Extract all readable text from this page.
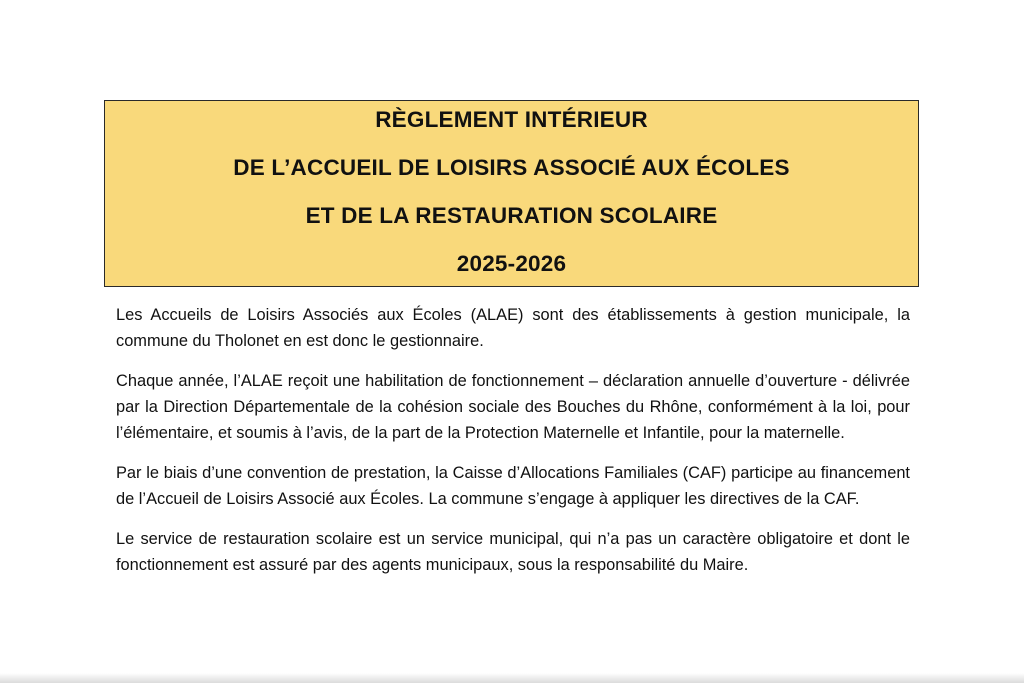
RÈGLEMENT INTÉRIEUR
DE L’ACCUEIL DE LOISIRS ASSOCIÉ AUX ÉCOLES
ET DE LA RESTAURATION SCOLAIRE
2025-2026

Les Accueils de Loisirs Associés aux Écoles (ALAE) sont des établissements à gestion municipale, la commune du Tholonet en est donc le gestionnaire.

Chaque année, l’ALAE reçoit une habilitation de fonctionnement – déclaration annuelle d’ouverture - délivrée par la Direction Départementale de la cohésion sociale des Bouches du Rhône, conformément à la loi, pour l’élémentaire, et soumis à l’avis, de la part de la Protection Maternelle et Infantile, pour la maternelle.

Par le biais d’une convention de prestation, la Caisse d’Allocations Familiales (CAF) participe au financement de l’Accueil de Loisirs Associé aux Écoles. La commune s’engage à appliquer les directives de la CAF.

Le service de restauration scolaire est un service municipal, qui n’a pas un caractère obligatoire et dont le fonctionnement est assuré par des agents municipaux, sous la responsabilité du Maire.
